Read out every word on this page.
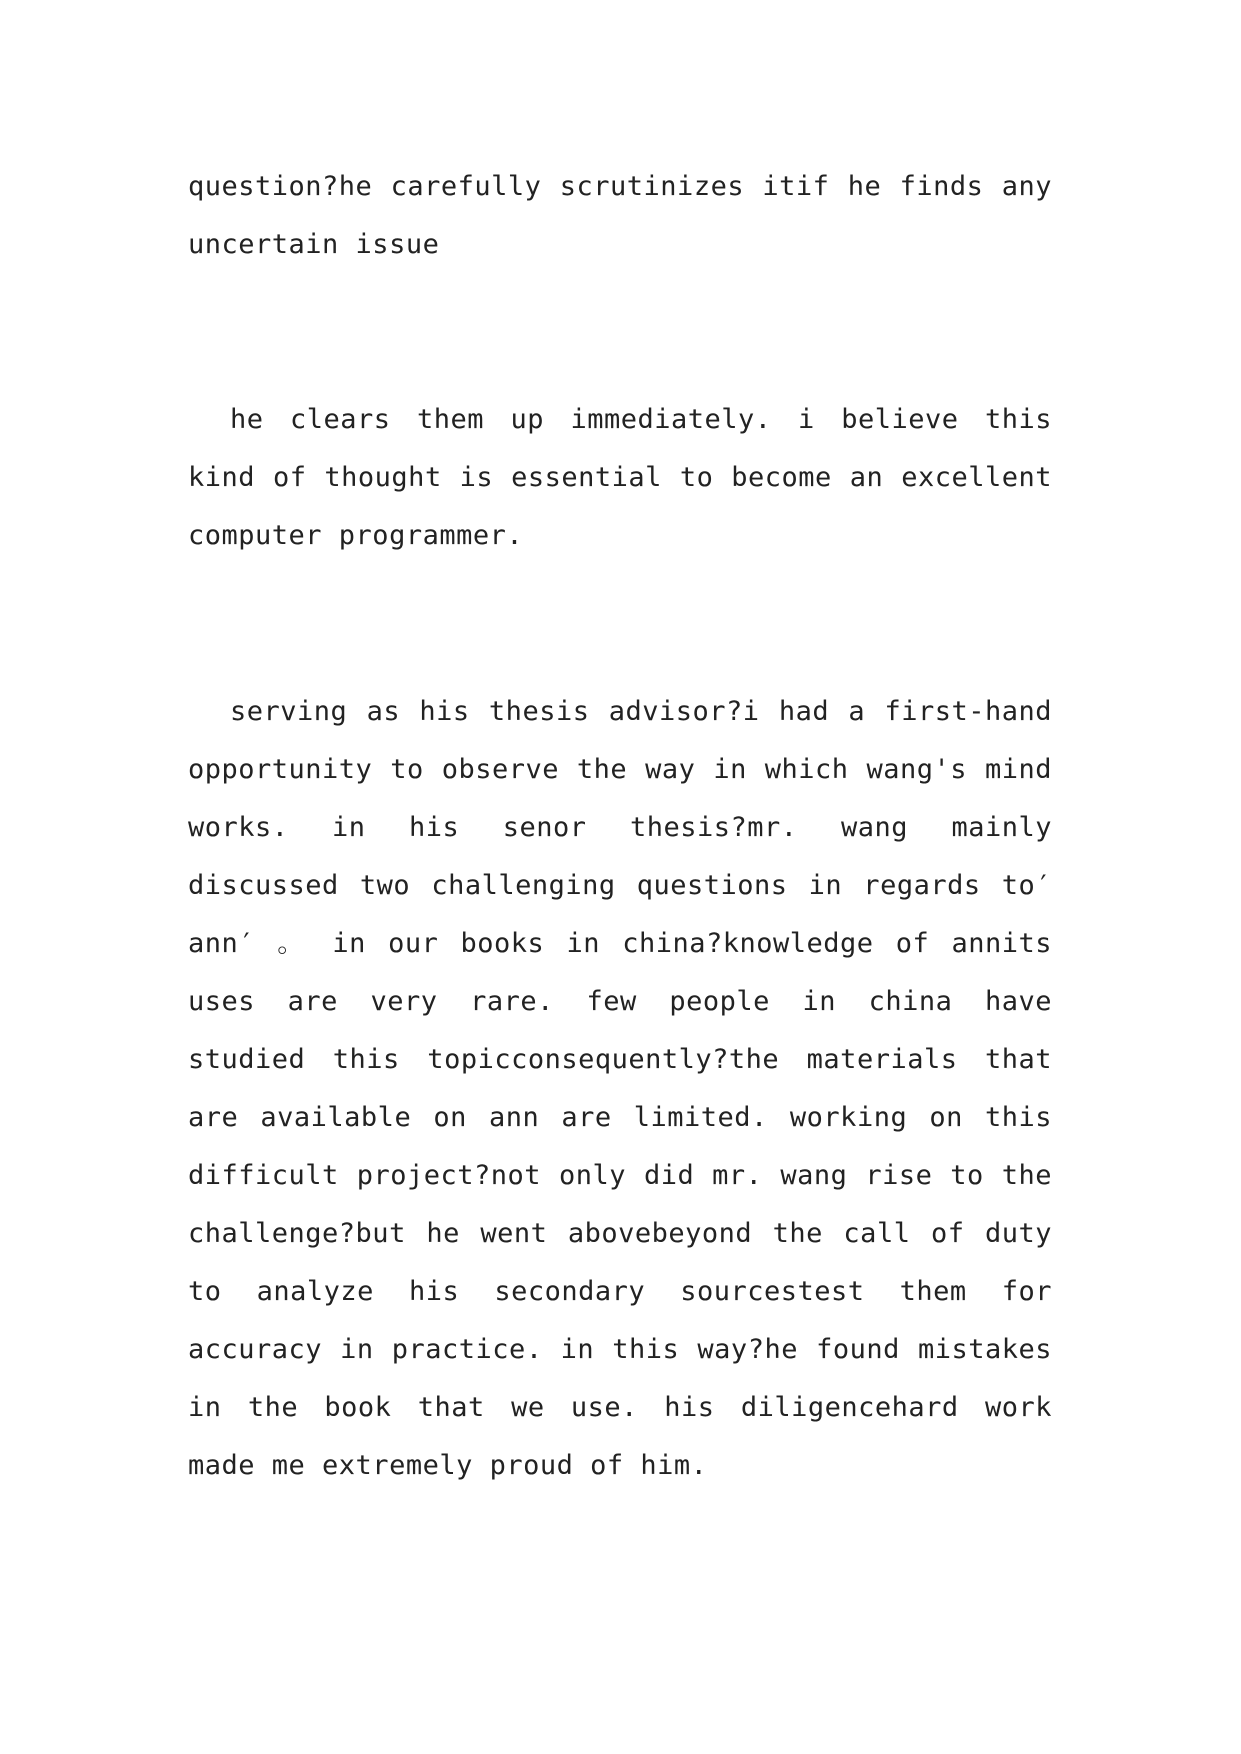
question?he carefully scrutinizes itif he finds any uncertain issue

he clears them up immediately. i believe this kind of thought is essential to become an excellent computer programmer.

serving as his thesis advisor?i had a first-hand opportunity to observe the way in which wang's mind works. in his senor thesis?mr. wang mainly discussed two challenging questions in regards to′ ann′ 。 in our books in china?knowledge of annits uses are very rare. few people in china have studied this topicconsequently?the materials that are available on ann are limited. working on this difficult project?not only did mr. wang rise to the challenge?but he went abovebeyond the call of duty to analyze his secondary sourcestest them for accuracy in practice. in this way?he found mistakes in the book that we use. his diligencehard work made me extremely proud of him.
